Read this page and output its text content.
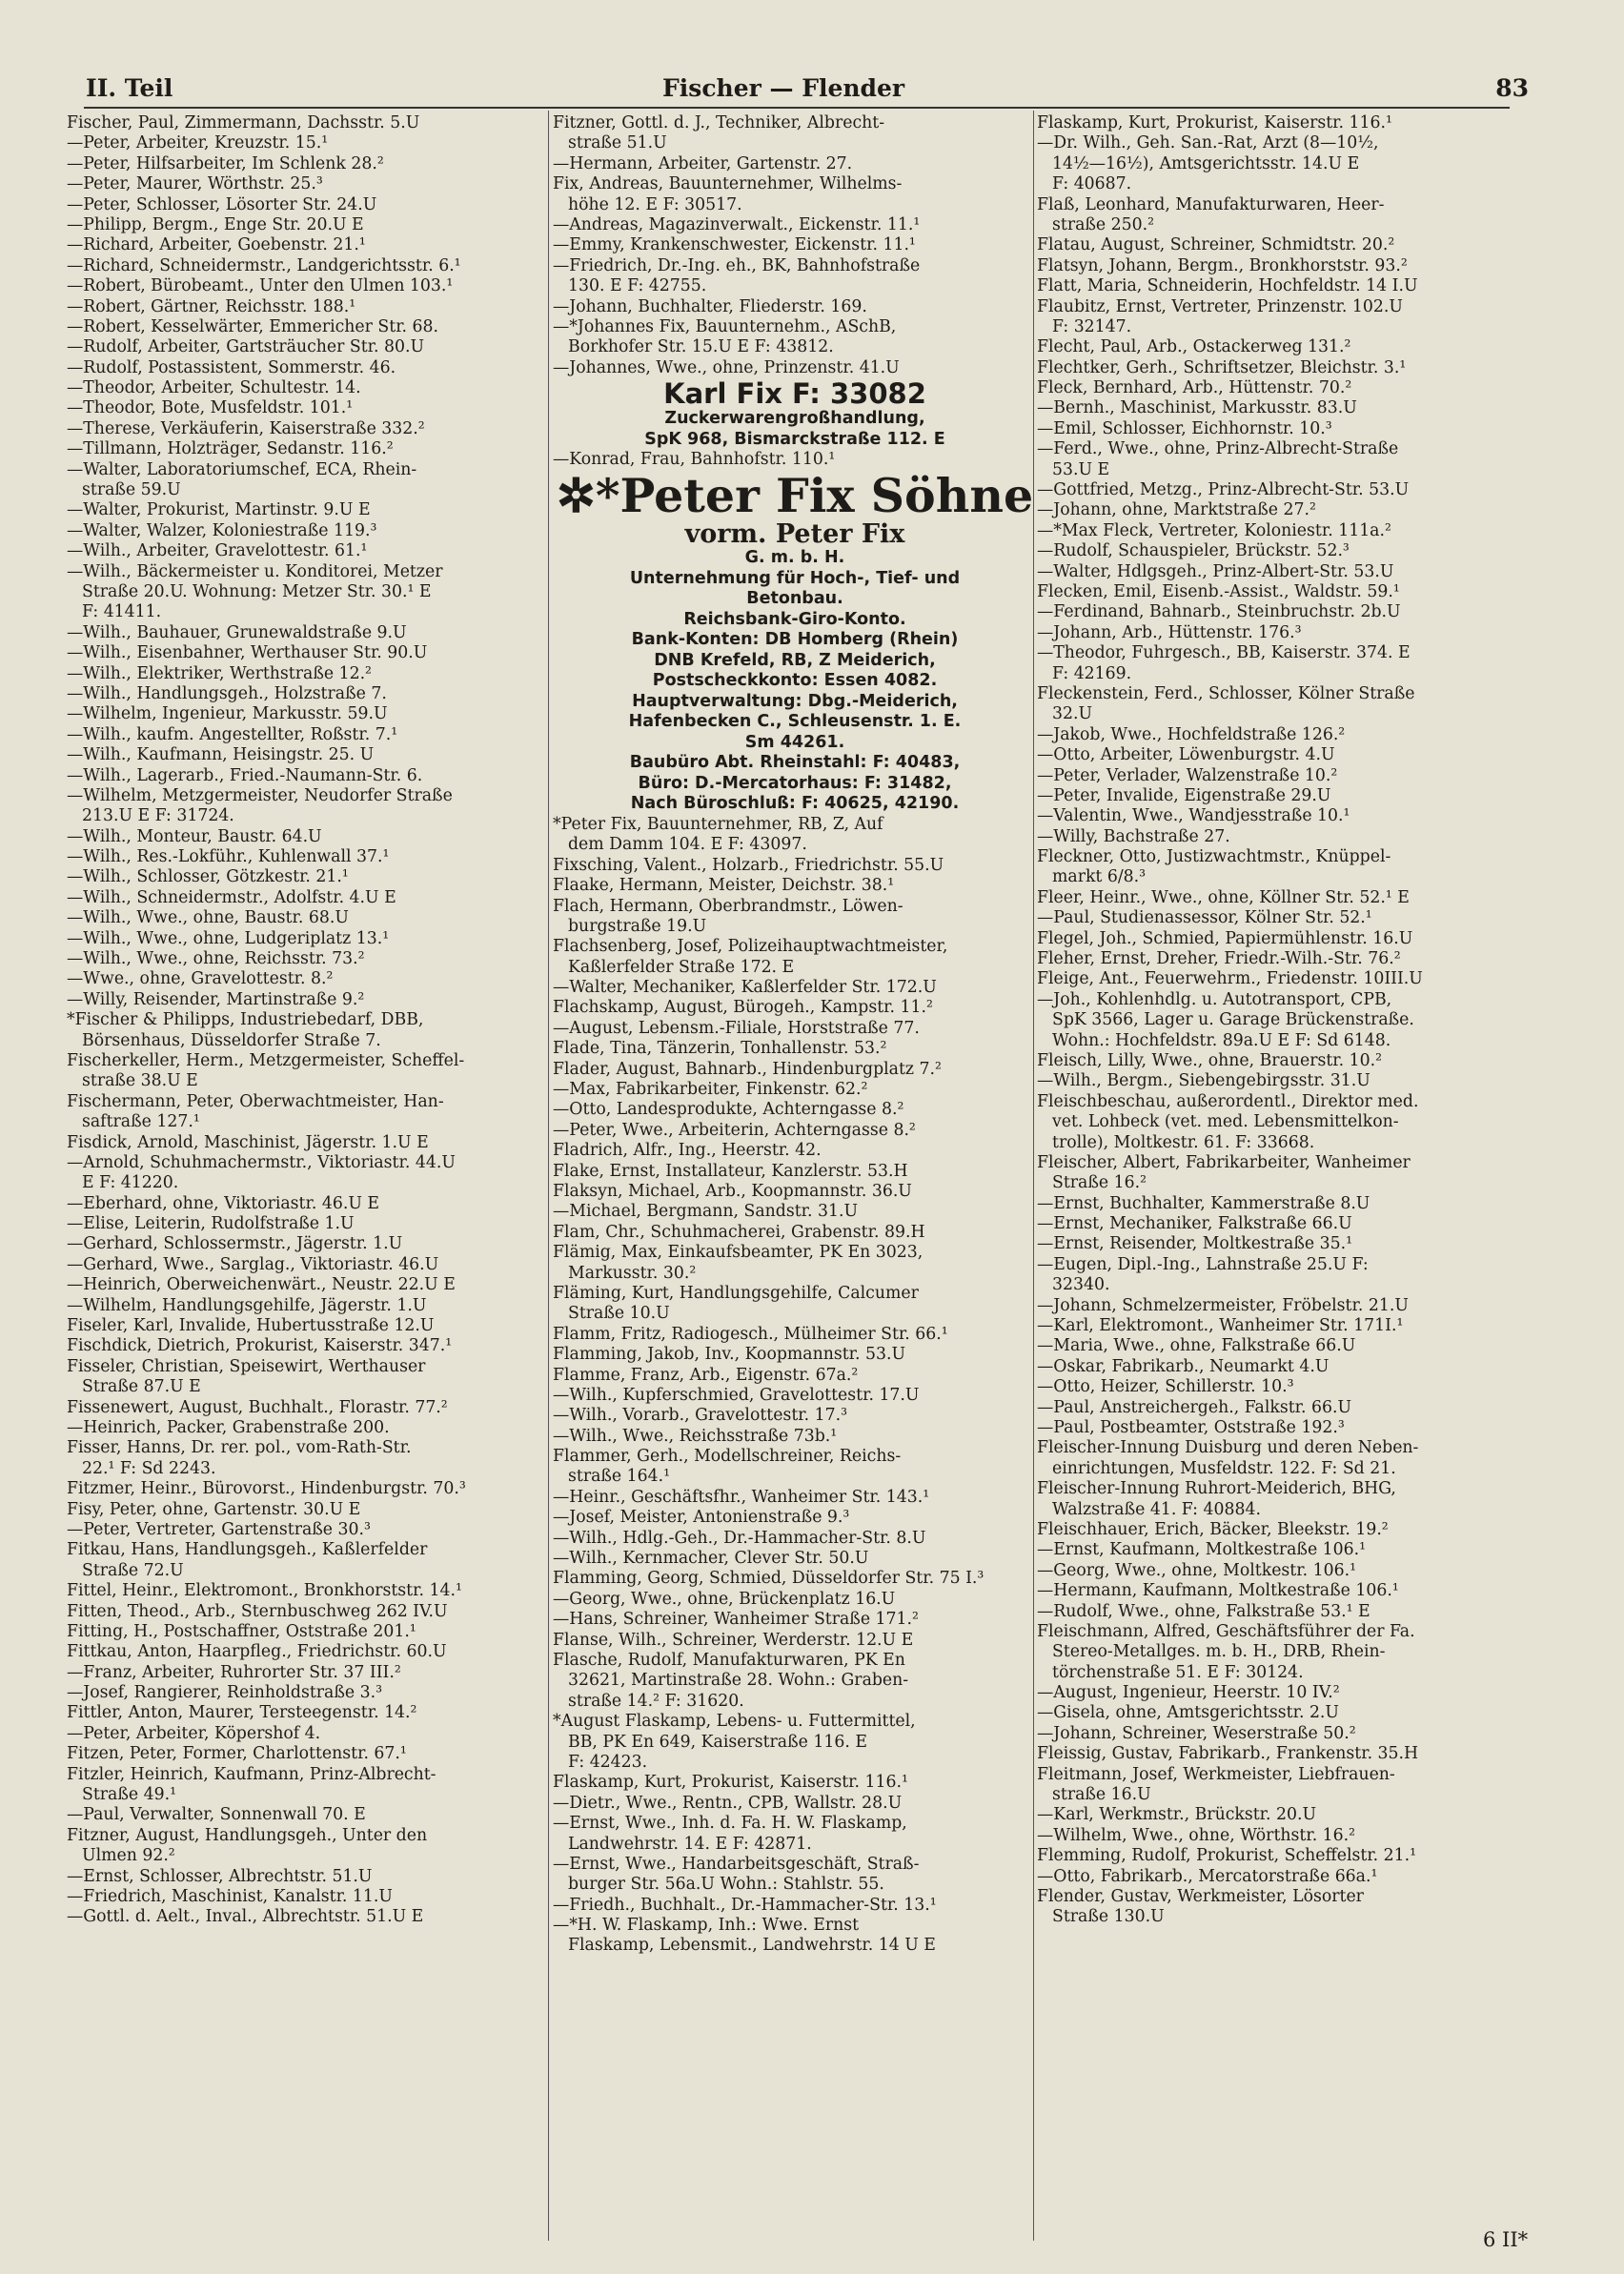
II. Teil	Fischer — Flender	83
Fischer, Paul, Zimmermann, Dachsstr. 5.U
—Peter, Arbeiter, Kreuzstr. 15.¹
—Peter, Hilfsarbeiter, Im Schlenk 28.²
—Peter, Maurer, Wörthstr. 25.³
—Peter, Schlosser, Lösorter Str. 24.U
—Philipp, Bergm., Enge Str. 20.U E
—Richard, Arbeiter, Goebenstr. 21.¹
—Richard, Schneidermstr., Landgerichtsstr. 6.¹
—Robert, Bürobeamt., Unter den Ulmen 103.¹
—Robert, Gärtner, Reichsstr. 188.¹
—Robert, Kesselwärter, Emmericher Str. 68.
—Rudolf, Arbeiter, Gartsträucher Str. 80.U
—Rudolf, Postassistent, Sommerstr. 46.
—Theodor, Arbeiter, Schultestr. 14.
—Theodor, Bote, Musfeldstr. 101.¹
—Therese, Verkäuferin, Kaiserstraße 332.²
—Tillmann, Holzträger, Sedanstr. 116.²
—Walter, Laboratoriumschef, ECA, Rhein-
straße 59.U
—Walter, Prokurist, Martinstr. 9.U E
—Walter, Walzer, Koloniestraße 119.³
—Wilh., Arbeiter, Gravelottestr. 61.¹
—Wilh., Bäckermeister u. Konditorei, Metzer
Straße 20.U. Wohnung: Metzer Str. 30.¹ E
F: 41411.
—Wilh., Bauhauer, Grunewaldstraße 9.U
—Wilh., Eisenbahner, Werthauser Str. 90.U
—Wilh., Elektriker, Werthstraße 12.²
—Wilh., Handlungsgeh., Holzstraße 7.
—Wilhelm, Ingenieur, Markusstr. 59.U
—Wilh., kaufm. Angestellter, Roßstr. 7.¹
—Wilh., Kaufmann, Heisingstr. 25. U
—Wilh., Lagerarb., Fried.-Naumann-Str. 6.
—Wilhelm, Metzgermeister, Neudorfer Straße
213.U E F: 31724.
—Wilh., Monteur, Baustr. 64.U
—Wilh., Res.-Lokführ., Kuhlenwall 37.¹
—Wilh., Schlosser, Götzkestr. 21.¹
—Wilh., Schneidermstr., Adolfstr. 4.U E
—Wilh., Wwe., ohne, Baustr. 68.U
—Wilh., Wwe., ohne, Ludgeriplatz 13.¹
—Wilh., Wwe., ohne, Reichsstr. 73.²
—Wwe., ohne, Gravelottestr. 8.²
—Willy, Reisender, Martinstraße 9.²
*Fischer & Philipps, Industriebedarf, DBB,
Börsenhaus, Düsseldorfer Straße 7.
Fischerkeller, Herm., Metzgermeister, Scheffel-
straße 38.U E
Fischermann, Peter, Oberwachtmeister, Han-
saftraße 127.¹
Fisdick, Arnold, Maschinist, Jägerstr. 1.U E
—Arnold, Schuhmachermstr., Viktoriastr. 44.U
E F: 41220.
—Eberhard, ohne, Viktoriastr. 46.U E
—Elise, Leiterin, Rudolfstraße 1.U
—Gerhard, Schlossermstr., Jägerstr. 1.U
—Gerhard, Wwe., Sarglag., Viktoriastr. 46.U
—Heinrich, Oberweichenwärt., Neustr. 22.U E
—Wilhelm, Handlungsgehilfe, Jägerstr. 1.U
Fiseler, Karl, Invalide, Hubertusstraße 12.U
Fischdick, Dietrich, Prokurist, Kaiserstr. 347.¹
Fisseler, Christian, Speisewirt, Werthauser
Straße 87.U E
Fissenewert, August, Buchhalt., Florastr. 77.²
—Heinrich, Packer, Grabenstraße 200.
Fisser, Hanns, Dr. rer. pol., vom-Rath-Str.
22.¹ F: Sd 2243.
Fitzmer, Heinr., Bürovorst., Hindenburgstr. 70.³
Fisy, Peter, ohne, Gartenstr. 30.U E
—Peter, Vertreter, Gartenstraße 30.³
Fitkau, Hans, Handlungsgeh., Kaßlerfelder
Straße 72.U
Fittel, Heinr., Elektromont., Bronkhorststr. 14.¹
Fitten, Theod., Arb., Sternbuschweg 262 IV.U
Fitting, H., Postschaffner, Oststraße 201.¹
Fittkau, Anton, Haarpfleg., Friedrichstr. 60.U
—Franz, Arbeiter, Ruhrorter Str. 37 III.²
—Josef, Rangierer, Reinholdstraße 3.³
Fittler, Anton, Maurer, Tersteegenstr. 14.²
—Peter, Arbeiter, Köpershof 4.
Fitzen, Peter, Former, Charlottenstr. 67.¹
Fitzler, Heinrich, Kaufmann, Prinz-Albrecht-
Straße 49.¹
—Paul, Verwalter, Sonnenwall 70. E
Fitzner, August, Handlungsgeh., Unter den
Ulmen 92.²
—Ernst, Schlosser, Albrechtstr. 51.U
—Friedrich, Maschinist, Kanalstr. 11.U
—Gottl. d. Aelt., Inval., Albrechtstr. 51.U E
Fitzner, Gottl. d. J., Techniker, Albrecht-
straße 51.U
—Hermann, Arbeiter, Gartenstr. 27.
Fix, Andreas, Bauunternehmer, Wilhelms-
höhe 12. E F: 30517.
—Andreas, Magazinverwalt., Eickenstr. 11.¹
—Emmy, Krankenschwester, Eickenstr. 11.¹
—Friedrich, Dr.-Ing. eh., BK, Bahnhofstraße
130. E F: 42755.
—Johann, Buchhalter, Fliederstr. 169.
—*Johannes Fix, Bauunternehm., ASchB,
Borkhofer Str. 15.U E F: 43812.
—Johannes, Wwe., ohne, Prinzenstr. 41.U
Karl Fix F: 33082
Zuckerwarengroßhandlung,
SpK 968, Bismarckstraße 112. E
—Konrad, Frau, Bahnhofstr. 110.¹
✲*Peter Fix Söhne
vorm. Peter Fix
G. m. b. H.
Unternehmung für Hoch-, Tief- und
Betonbau.
Reichsbank-Giro-Konto.
Bank-Konten: DB Homberg (Rhein)
DNB Krefeld, RB, Z Meiderich,
Postscheckkonto: Essen 4082.
Hauptverwaltung: Dbg.-Meiderich,
Hafenbecken C., Schleusenstr. 1. E.
Sm 44261.
Baubüro Abt. Rheinstahl: F: 40483,
Büro: D.-Mercatorhaus: F: 31482,
Nach Büroschluß: F: 40625, 42190.
*Peter Fix, Bauunternehmer, RB, Z, Auf
dem Damm 104. E F: 43097.
Fixsching, Valent., Holzarb., Friedrichstr. 55.U
Flaake, Hermann, Meister, Deichstr. 38.¹
Flach, Hermann, Oberbrandmstr., Löwen-
burgstraße 19.U
Flachsenberg, Josef, Polizeihauptwachtmeister,
Kaßlerfelder Straße 172. E
—Walter, Mechaniker, Kaßlerfelder Str. 172.U
Flachskamp, August, Bürogeh., Kampstr. 11.²
—August, Lebensm.-Filiale, Horststraße 77.
Flade, Tina, Tänzerin, Tonhallenstr. 53.²
Flader, August, Bahnarb., Hindenburgplatz 7.²
—Max, Fabrikarbeiter, Finkenstr. 62.²
—Otto, Landesprodukte, Achterngasse 8.²
—Peter, Wwe., Arbeiterin, Achterngasse 8.²
Fladrich, Alfr., Ing., Heerstr. 42.
Flake, Ernst, Installateur, Kanzlerstr. 53.H
Flaksyn, Michael, Arb., Koopmannstr. 36.U
—Michael, Bergmann, Sandstr. 31.U
Flam, Chr., Schuhmacherei, Grabenstr. 89.H
Flämig, Max, Einkaufsbeamter, PK En 3023,
Markusstr. 30.²
Fläming, Kurt, Handlungsgehilfe, Calcumer
Straße 10.U
Flamm, Fritz, Radiogesch., Mülheimer Str. 66.¹
Flamming, Jakob, Inv., Koopmannstr. 53.U
Flamme, Franz, Arb., Eigenstr. 67a.²
—Wilh., Kupferschmied, Gravelottestr. 17.U
—Wilh., Vorarb., Gravelottestr. 17.³
—Wilh., Wwe., Reichsstraße 73b.¹
Flammer, Gerh., Modellschreiner, Reichs-
straße 164.¹
—Heinr., Geschäftsfhr., Wanheimer Str. 143.¹
—Josef, Meister, Antonienstraße 9.³
—Wilh., Hdlg.-Geh., Dr.-Hammacher-Str. 8.U
—Wilh., Kernmacher, Clever Str. 50.U
Flamming, Georg, Schmied, Düsseldorfer Str. 75 I.³
—Georg, Wwe., ohne, Brückenplatz 16.U
—Hans, Schreiner, Wanheimer Straße 171.²
Flanse, Wilh., Schreiner, Werderstr. 12.U E
Flasche, Rudolf, Manufakturwaren, PK En
32621, Martinstraße 28. Wohn.: Graben-
straße 14.² F: 31620.
*August Flaskamp, Lebens- u. Futtermittel,
BB, PK En 649, Kaiserstraße 116. E
F: 42423.
Flaskamp, Kurt, Prokurist, Kaiserstr. 116.¹
—Dietr., Wwe., Rentn., CPB, Wallstr. 28.U
—Ernst, Wwe., Inh. d. Fa. H. W. Flaskamp,
Landwehrstr. 14. E F: 42871.
—Ernst, Wwe., Handarbeitsgeschäft, Straß-
burger Str. 56a.U Wohn.: Stahlstr. 55.
—Friedh., Buchhalt., Dr.-Hammacher-Str. 13.¹
—*H. W. Flaskamp, Inh.: Wwe. Ernst
Flaskamp, Lebensmit., Landwehrstr. 14 U E
Flaskamp, Kurt, Prokurist, Kaiserstr. 116.¹
—Dr. Wilh., Geh. San.-Rat, Arzt (8—10½,
14½—16½), Amtsgerichtsstr. 14.U E
F: 40687.
Flaß, Leonhard, Manufakturwaren, Heer-
straße 250.²
Flatau, August, Schreiner, Schmidtstr. 20.²
Flatsyn, Johann, Bergm., Bronkhorststr. 93.²
Flatt, Maria, Schneiderin, Hochfeldstr. 14 I.U
Flaubitz, Ernst, Vertreter, Prinzenstr. 102.U
F: 32147.
Flecht, Paul, Arb., Ostackerweg 131.²
Flechtker, Gerh., Schriftsetzer, Bleichstr. 3.¹
Fleck, Bernhard, Arb., Hüttenstr. 70.²
—Bernh., Maschinist, Markusstr. 83.U
—Emil, Schlosser, Eichhornstr. 10.³
—Ferd., Wwe., ohne, Prinz-Albrecht-Straße
53.U E
—Gottfried, Metzg., Prinz-Albrecht-Str. 53.U
—Johann, ohne, Marktstraße 27.²
—*Max Fleck, Vertreter, Koloniestr. 111a.²
—Rudolf, Schauspieler, Brückstr. 52.³
—Walter, Hdlgsgeh., Prinz-Albert-Str. 53.U
Flecken, Emil, Eisenb.-Assist., Waldstr. 59.¹
—Ferdinand, Bahnarb., Steinbruchstr. 2b.U
—Johann, Arb., Hüttenstr. 176.³
—Theodor, Fuhrgesch., BB, Kaiserstr. 374. E
F: 42169.
Fleckenstein, Ferd., Schlosser, Kölner Straße
32.U
—Jakob, Wwe., Hochfeldstraße 126.²
—Otto, Arbeiter, Löwenburgstr. 4.U
—Peter, Verlader, Walzenstraße 10.²
—Peter, Invalide, Eigenstraße 29.U
—Valentin, Wwe., Wandjesstraße 10.¹
—Willy, Bachstraße 27.
Fleckner, Otto, Justizwachtmstr., Knüppel-
markt 6/8.³
Fleer, Heinr., Wwe., ohne, Köllner Str. 52.¹ E
—Paul, Studienassessor, Kölner Str. 52.¹
Flegel, Joh., Schmied, Papiermühlenstr. 16.U
Fleher, Ernst, Dreher, Friedr.-Wilh.-Str. 76.²
Fleige, Ant., Feuerwehrm., Friedenstr. 10III.U
—Joh., Kohlenhdlg. u. Autotransport, CPB,
SpK 3566, Lager u. Garage Brückenstraße.
Wohn.: Hochfeldstr. 89a.U E F: Sd 6148.
Fleisch, Lilly, Wwe., ohne, Brauerstr. 10.²
—Wilh., Bergm., Siebengebirgsstr. 31.U
Fleischbeschau, außerordentl., Direktor med.
vet. Lohbeck (vet. med. Lebensmittelkon-
trolle), Moltkestr. 61. F: 33668.
Fleischer, Albert, Fabrikarbeiter, Wanheimer
Straße 16.²
—Ernst, Buchhalter, Kammerstraße 8.U
—Ernst, Mechaniker, Falkstraße 66.U
—Ernst, Reisender, Moltkestraße 35.¹
—Eugen, Dipl.-Ing., Lahnstraße 25.U F:
32340.
—Johann, Schmelzermeister, Fröbelstr. 21.U
—Karl, Elektromont., Wanheimer Str. 171I.¹
—Maria, Wwe., ohne, Falkstraße 66.U
—Oskar, Fabrikarb., Neumarkt 4.U
—Otto, Heizer, Schillerstr. 10.³
—Paul, Anstreichergeh., Falkstr. 66.U
—Paul, Postbeamter, Oststraße 192.³
Fleischer-Innung Duisburg und deren Neben-
einrichtungen, Musfeldstr. 122. F: Sd 21.
Fleischer-Innung Ruhrort-Meiderich, BHG,
Walzstraße 41. F: 40884.
Fleischhauer, Erich, Bäcker, Bleekstr. 19.²
—Ernst, Kaufmann, Moltkestraße 106.¹
—Georg, Wwe., ohne, Moltkestr. 106.¹
—Hermann, Kaufmann, Moltkestraße 106.¹
—Rudolf, Wwe., ohne, Falkstraße 53.¹ E
Fleischmann, Alfred, Geschäftsführer der Fa.
Stereo-Metallges. m. b. H., DRB, Rhein-
törchenstraße 51. E F: 30124.
—August, Ingenieur, Heerstr. 10 IV.²
—Gisela, ohne, Amtsgerichtsstr. 2.U
—Johann, Schreiner, Weserstraße 50.²
Fleissig, Gustav, Fabrikarb., Frankenstr. 35.H
Fleitmann, Josef, Werkmeister, Liebfrauen-
straße 16.U
—Karl, Werkmstr., Brückstr. 20.U
—Wilhelm, Wwe., ohne, Wörthstr. 16.²
Flemming, Rudolf, Prokurist, Scheffelstr. 21.¹
—Otto, Fabrikarb., Mercatorstraße 66a.¹
Flender, Gustav, Werkmeister, Lösorter
Straße 130.U
6 II*
